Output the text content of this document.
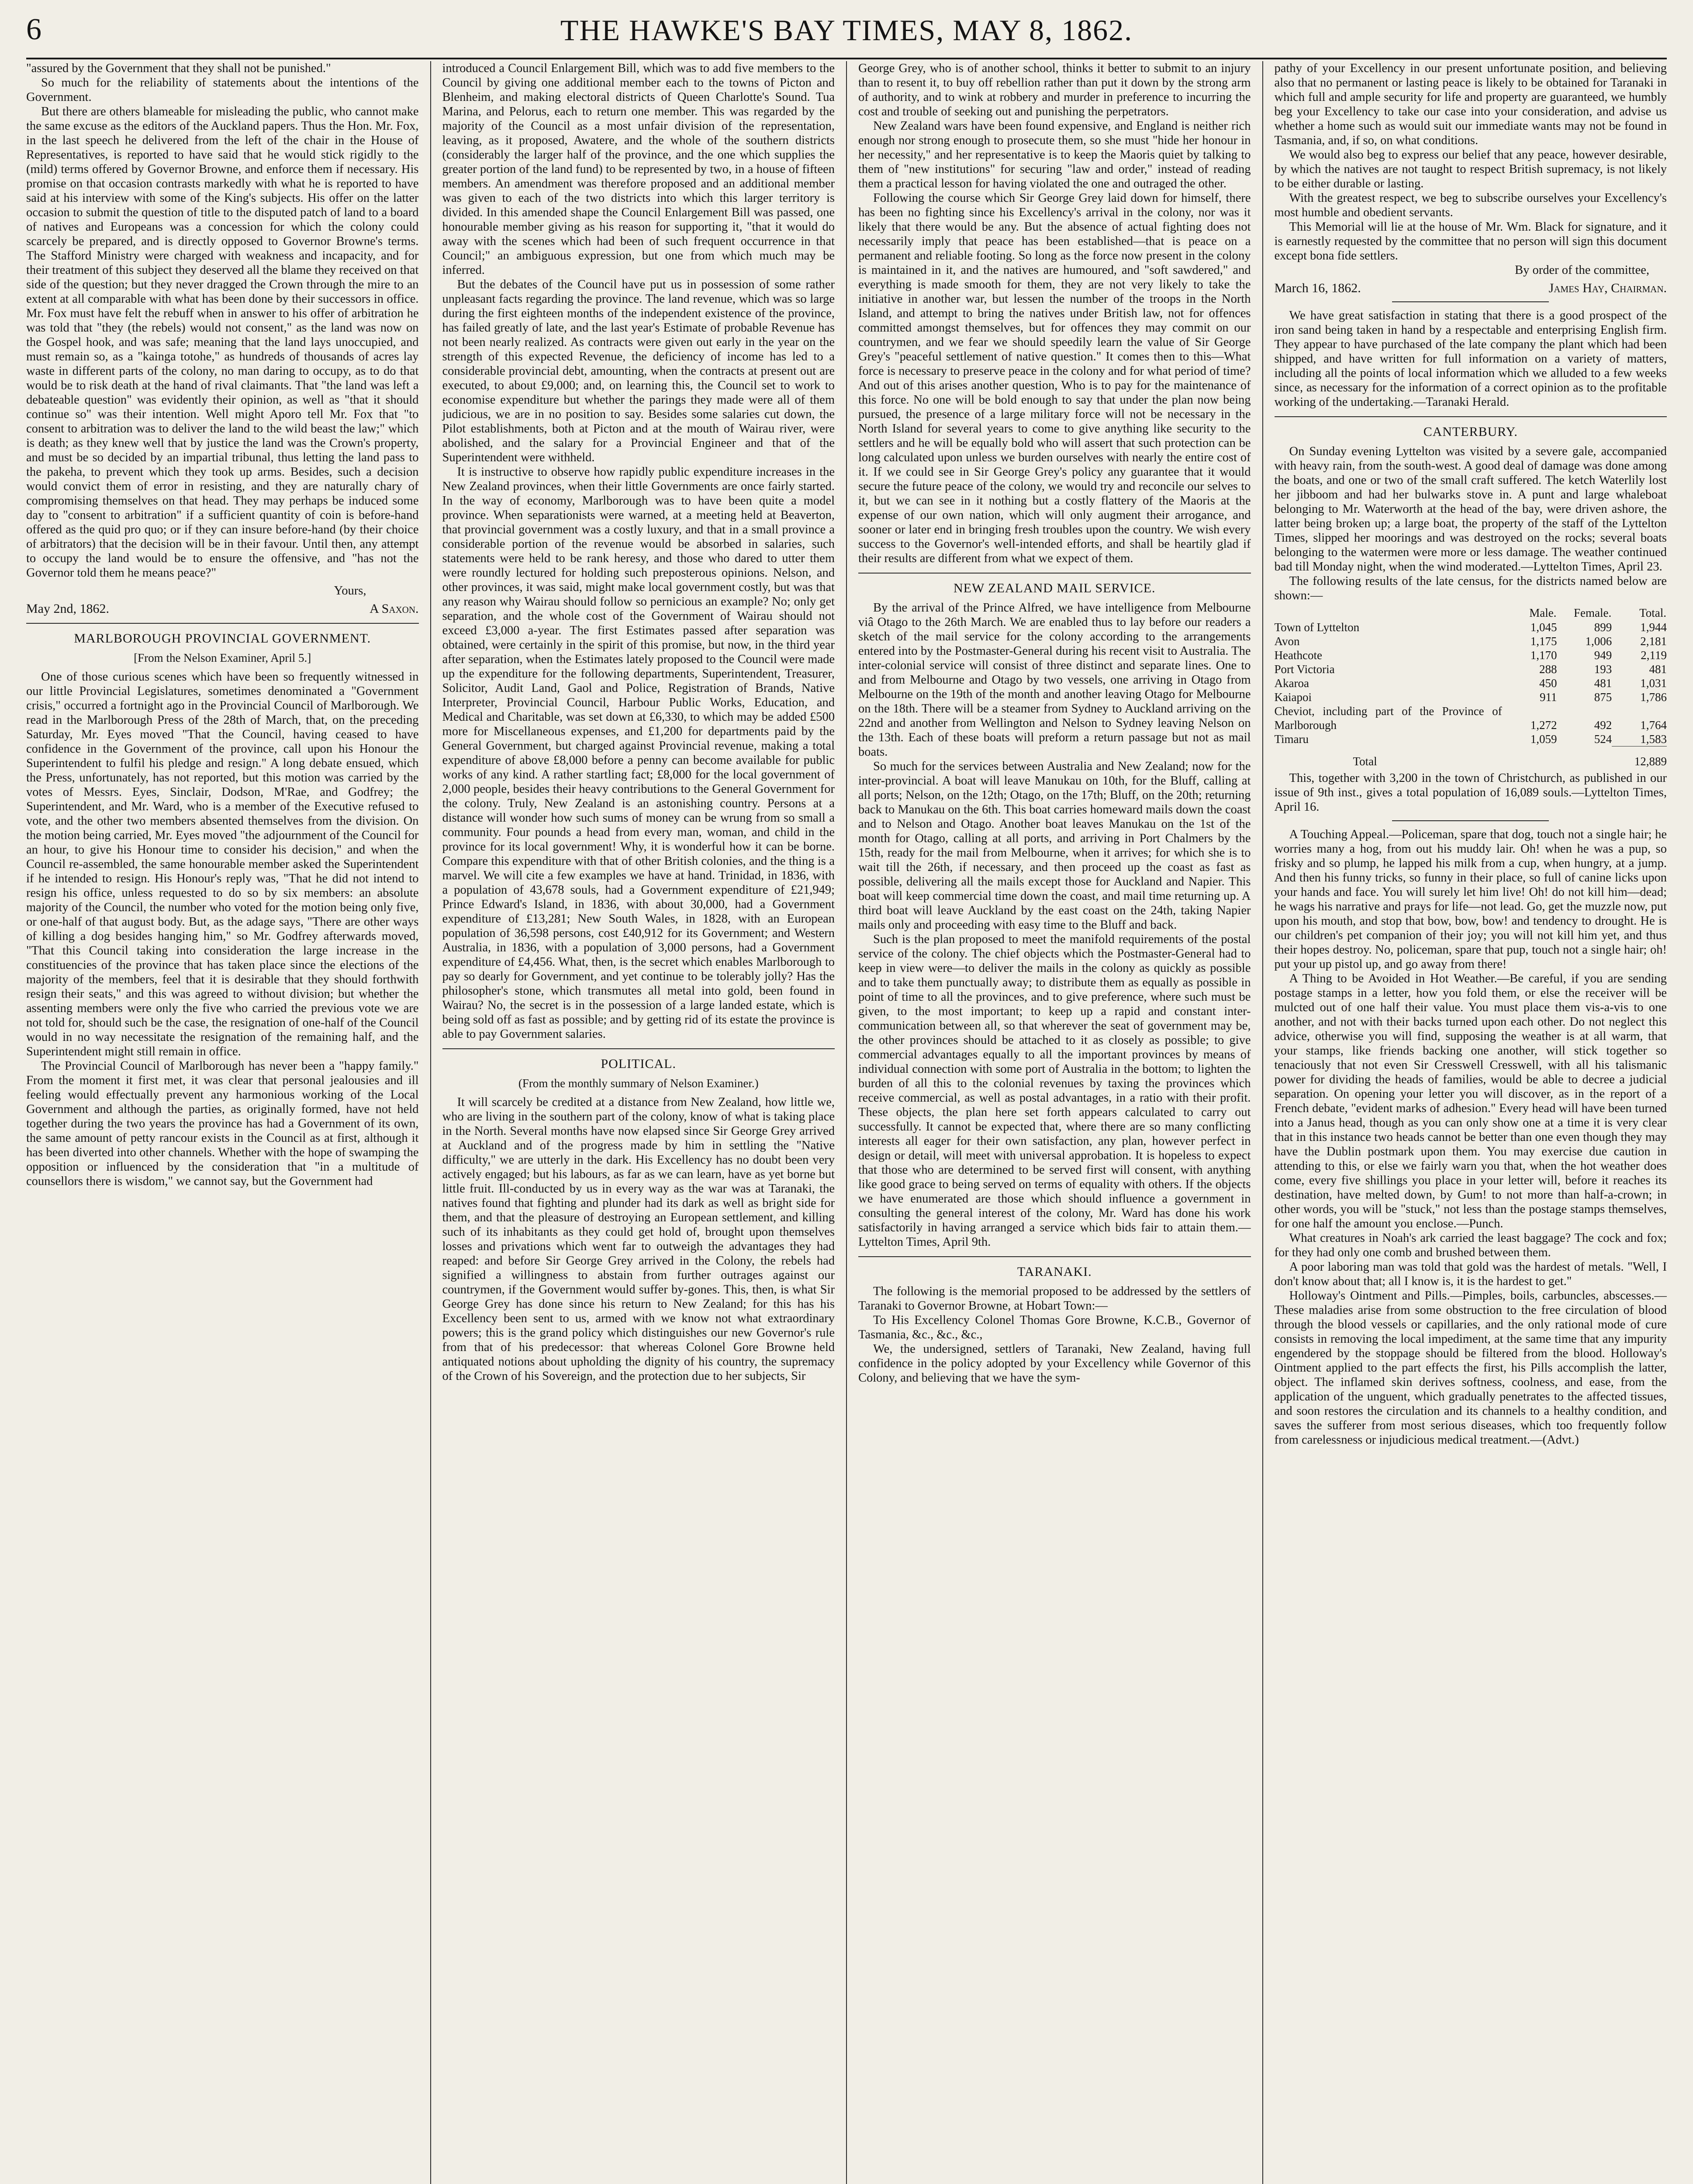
6	THE HAWKE'S BAY TIMES, MAY 8, 1862.

"assured by the Government that they shall not be punished."

So much for the reliability of statements about the intentions of the Government.

But there are others blameable for misleading the public, who cannot make the same excuse as the editors of the Auckland papers. Thus the Hon. Mr. Fox, in the last speech he delivered from the left of the chair in the House of Representatives, is reported to have said that he would stick rigidly to the (mild) terms offered by Governor Browne, and enforce them if necessary. His promise on that occasion contrasts markedly with what he is reported to have said at his interview with some of the King's subjects. His offer on the latter occasion to submit the question of title to the disputed patch of land to a board of natives and Europeans was a concession for which the colony could scarcely be prepared, and is directly opposed to Governor Browne's terms. The Stafford Ministry were charged with weakness and incapacity, and for their treatment of this subject they deserved all the blame they received on that side of the question; but they never dragged the Crown through the mire to an extent at all comparable with what has been done by their successors in office. Mr. Fox must have felt the rebuff when in answer to his offer of arbitration he was told that "they (the rebels) would not consent," as the land was now on the Gospel hook, and was safe; meaning that the land lays unoccupied, and must remain so, as a "kainga totohe," as hundreds of thousands of acres lay waste in different parts of the colony, no man daring to occupy, as to do that would be to risk death at the hand of rival claimants. That "the land was left a debateable question" was evidently their opinion, as well as "that it should continue so" was their intention. Well might Aporo tell Mr. Fox that "to consent to arbitration was to deliver the land to the wild beast the law;" which is death; as they knew well that by justice the land was the Crown's property, and must be so decided by an impartial tribunal, thus letting the land pass to the pakeha, to prevent which they took up arms. Besides, such a decision would convict them of error in resisting, and they are naturally chary of compromising themselves on that head. They may perhaps be induced some day to "consent to arbitration" if a sufficient quantity of coin is before-hand offered as the quid pro quo; or if they can insure before-hand (by their choice of arbitrators) that the decision will be in their favour. Until then, any attempt to occupy the land would be to ensure the offensive, and "has not the Governor told them he means peace?"

Yours,
May 2nd, 1862.	A Saxon.
MARLBOROUGH PROVINCIAL GOVERNMENT.

[From the Nelson Examiner, April 5.]

One of those curious scenes which have been so frequently witnessed in our little Provincial Legislatures, sometimes denominated a "Government crisis," occurred a fortnight ago in the Provincial Council of Marlborough. We read in the Marlborough Press of the 28th of March, that, on the preceding Saturday, Mr. Eyes moved "That the Council, having ceased to have confidence in the Government of the province, call upon his Honour the Superintendent to fulfil his pledge and resign." A long debate ensued, which the Press, unfortunately, has not reported, but this motion was carried by the votes of Messrs. Eyes, Sinclair, Dodson, M'Rae, and Godfrey; the Superintendent, and Mr. Ward, who is a member of the Executive refused to vote, and the other two members absented themselves from the division. On the motion being carried, Mr. Eyes moved "the adjournment of the Council for an hour, to give his Honour time to consider his decision," and when the Council re-assembled, the same honourable member asked the Superintendent if he intended to resign. His Honour's reply was, "That he did not intend to resign his office, unless requested to do so by six members: an absolute majority of the Council, the number who voted for the motion being only five, or one-half of that august body. But, as the adage says, "There are other ways of killing a dog besides hanging him," so Mr. Godfrey afterwards moved, "That this Council taking into consideration the large increase in the constituencies of the province that has taken place since the elections of the majority of the members, feel that it is desirable that they should forthwith resign their seats," and this was agreed to without division; but whether the assenting members were only the five who carried the previous vote we are not told for, should such be the case, the resignation of one-half of the Council would in no way necessitate the resignation of the remaining half, and the Superintendent might still remain in office.

The Provincial Council of Marlborough has never been a "happy family." From the moment it first met, it was clear that personal jealousies and ill feeling would effectually prevent any harmonious working of the Local Government and although the parties, as originally formed, have not held together during the two years the province has had a Government of its own, the same amount of petty rancour exists in the Council as at first, although it has been diverted into other channels. Whether with the hope of swamping the opposition or influenced by the consideration that "in a multitude of counsellors there is wisdom," we cannot say, but the Government had

introduced a Council Enlargement Bill, which was to add five members to the Council by giving one additional member each to the towns of Picton and Blenheim, and making electoral districts of Queen Charlotte's Sound. Tua Marina, and Pelorus, each to return one member. This was regarded by the majority of the Council as a most unfair division of the representation, leaving, as it proposed, Awatere, and the whole of the southern districts (considerably the larger half of the province, and the one which supplies the greater portion of the land fund) to be represented by two, in a house of fifteen members. An amendment was therefore proposed and an additional member was given to each of the two districts into which this larger territory is divided. In this amended shape the Council Enlargement Bill was passed, one honourable member giving as his reason for supporting it, "that it would do away with the scenes which had been of such frequent occurrence in that Council;" an ambiguous expression, but one from which much may be inferred.

But the debates of the Council have put us in possession of some rather unpleasant facts regarding the province. The land revenue, which was so large during the first eighteen months of the independent existence of the province, has failed greatly of late, and the last year's Estimate of probable Revenue has not been nearly realized. As contracts were given out early in the year on the strength of this expected Revenue, the deficiency of income has led to a considerable provincial debt, amounting, when the contracts at present out are executed, to about £9,000; and, on learning this, the Council set to work to economise expenditure but whether the parings they made were all of them judicious, we are in no position to say. Besides some salaries cut down, the Pilot establishments, both at Picton and at the mouth of Wairau river, were abolished, and the salary for a Provincial Engineer and that of the Superintendent were withheld.

It is instructive to observe how rapidly public expenditure increases in the New Zealand provinces, when their little Governments are once fairly started. In the way of economy, Marlborough was to have been quite a model province. When separationists were warned, at a meeting held at Beaverton, that provincial government was a costly luxury, and that in a small province a considerable portion of the revenue would be absorbed in salaries, such statements were held to be rank heresy, and those who dared to utter them were roundly lectured for holding such preposterous opinions. Nelson, and other provinces, it was said, might make local government costly, but was that any reason why Wairau should follow so pernicious an example? No; only get separation, and the whole cost of the Government of Wairau should not exceed £3,000 a-year. The first Estimates passed after separation was obtained, were certainly in the spirit of this promise, but now, in the third year after separation, when the Estimates lately proposed to the Council were made up the expenditure for the following departments, Superintendent, Treasurer, Solicitor, Audit Land, Gaol and Police, Registration of Brands, Native Interpreter, Provincial Council, Harbour Public Works, Education, and Medical and Charitable, was set down at £6,330, to which may be added £500 more for Miscellaneous expenses, and £1,200 for departments paid by the General Government, but charged against Provincial revenue, making a total expenditure of above £8,000 before a penny can become available for public works of any kind. A rather startling fact; £8,000 for the local government of 2,000 people, besides their heavy contributions to the General Government for the colony. Truly, New Zealand is an astonishing country. Persons at a distance will wonder how such sums of money can be wrung from so small a community. Four pounds a head from every man, woman, and child in the province for its local government! Why, it is wonderful how it can be borne. Compare this expenditure with that of other British colonies, and the thing is a marvel. We will cite a few examples we have at hand. Trinidad, in 1836, with a population of 43,678 souls, had a Government expenditure of £21,949; Prince Edward's Island, in 1836, with about 30,000, had a Government expenditure of £13,281; New South Wales, in 1828, with an European population of 36,598 persons, cost £40,912 for its Government; and Western Australia, in 1836, with a population of 3,000 persons, had a Government expenditure of £4,456. What, then, is the secret which enables Marlborough to pay so dearly for Government, and yet continue to be tolerably jolly? Has the philosopher's stone, which transmutes all metal into gold, been found in Wairau? No, the secret is in the possession of a large landed estate, which is being sold off as fast as possible; and by getting rid of its estate the province is able to pay Government salaries.

POLITICAL.

(From the monthly summary of Nelson Examiner.)

It will scarcely be credited at a distance from New Zealand, how little we, who are living in the southern part of the colony, know of what is taking place in the North. Several months have now elapsed since Sir George Grey arrived at Auckland and of the progress made by him in settling the "Native difficulty," we are utterly in the dark. His Excellency has no doubt been very actively engaged; but his labours, as far as we can learn, have as yet borne but little fruit. Ill-conducted by us in every way as the war was at Taranaki, the natives found that fighting and plunder had its dark as well as bright side for them, and that the pleasure of destroying an European settlement, and killing such of its inhabitants as they could get hold of, brought upon themselves losses and privations which went far to outweigh the advantages they had reaped: and before Sir George Grey arrived in the Colony, the rebels had signified a willingness to abstain from further outrages against our countrymen, if the Government would suffer by-gones. This, then, is what Sir George Grey has done since his return to New Zealand; for this has his Excellency been sent to us, armed with we know not what extraordinary powers; this is the grand policy which distinguishes our new Governor's rule from that of his predecessor: that whereas Colonel Gore Browne held antiquated notions about upholding the dignity of his country, the supremacy of the Crown of his Sovereign, and the protection due to her subjects, Sir

George Grey, who is of another school, thinks it better to submit to an injury than to resent it, to buy off rebellion rather than put it down by the strong arm of authority, and to wink at robbery and murder in preference to incurring the cost and trouble of seeking out and punishing the perpetrators.

New Zealand wars have been found expensive, and England is neither rich enough nor strong enough to prosecute them, so she must "hide her honour in her necessity," and her representative is to keep the Maoris quiet by talking to them of "new institutions" for securing "law and order," instead of reading them a practical lesson for having violated the one and outraged the other.

Following the course which Sir George Grey laid down for himself, there has been no fighting since his Excellency's arrival in the colony, nor was it likely that there would be any. But the absence of actual fighting does not necessarily imply that peace has been established—that is peace on a permanent and reliable footing. So long as the force now present in the colony is maintained in it, and the natives are humoured, and "soft sawdered," and everything is made smooth for them, they are not very likely to take the initiative in another war, but lessen the number of the troops in the North Island, and attempt to bring the natives under British law, not for offences committed amongst themselves, but for offences they may commit on our countrymen, and we fear we should speedily learn the value of Sir George Grey's "peaceful settlement of native question." It comes then to this—What force is necessary to preserve peace in the colony and for what period of time? And out of this arises another question, Who is to pay for the maintenance of this force. No one will be bold enough to say that under the plan now being pursued, the presence of a large military force will not be necessary in the North Island for several years to come to give anything like security to the settlers and he will be equally bold who will assert that such protection can be long calculated upon unless we burden ourselves with nearly the entire cost of it. If we could see in Sir George Grey's policy any guarantee that it would secure the future peace of the colony, we would try and reconcile our selves to it, but we can see in it nothing but a costly flattery of the Maoris at the expense of our own nation, which will only augment their arrogance, and sooner or later end in bringing fresh troubles upon the country. We wish every success to the Governor's well-intended efforts, and shall be heartily glad if their results are different from what we expect of them.

NEW ZEALAND MAIL SERVICE.

By the arrival of the Prince Alfred, we have intelligence from Melbourne viâ Otago to the 26th March. We are enabled thus to lay before our readers a sketch of the mail service for the colony according to the arrangements entered into by the Postmaster-General during his recent visit to Australia. The inter-colonial service will consist of three distinct and separate lines. One to and from Melbourne and Otago by two vessels, one arriving in Otago from Melbourne on the 19th of the month and another leaving Otago for Melbourne on the 18th. There will be a steamer from Sydney to Auckland arriving on the 22nd and another from Wellington and Nelson to Sydney leaving Nelson on the 13th. Each of these boats will preform a return passage but not as mail boats.

So much for the services between Australia and New Zealand; now for the inter-provincial. A boat will leave Manukau on 10th, for the Bluff, calling at all ports; Nelson, on the 12th; Otago, on the 17th; Bluff, on the 20th; returning back to Manukau on the 6th. This boat carries homeward mails down the coast and to Nelson and Otago. Another boat leaves Manukau on the 1st of the month for Otago, calling at all ports, and arriving in Port Chalmers by the 15th, ready for the mail from Melbourne, when it arrives; for which she is to wait till the 26th, if necessary, and then proceed up the coast as fast as possible, delivering all the mails except those for Auckland and Napier. This boat will keep commercial time down the coast, and mail time returning up. A third boat will leave Auckland by the east coast on the 24th, taking Napier mails only and proceeding with easy time to the Bluff and back.

Such is the plan proposed to meet the manifold requirements of the postal service of the colony. The chief objects which the Postmaster-General had to keep in view were—to deliver the mails in the colony as quickly as possible and to take them punctually away; to distribute them as equally as possible in point of time to all the provinces, and to give preference, where such must be given, to the most important; to keep up a rapid and constant inter-communication between all, so that wherever the seat of government may be, the other provinces should be attached to it as closely as possible; to give commercial advantages equally to all the important provinces by means of individual connection with some port of Australia in the bottom; to lighten the burden of all this to the colonial revenues by taxing the provinces which receive commercial, as well as postal advantages, in a ratio with their profit. These objects, the plan here set forth appears calculated to carry out successfully. It cannot be expected that, where there are so many conflicting interests all eager for their own satisfaction, any plan, however perfect in design or detail, will meet with universal approbation. It is hopeless to expect that those who are determined to be served first will consent, with anything like good grace to being served on terms of equality with others. If the objects we have enumerated are those which should influence a government in consulting the general interest of the colony, Mr. Ward has done his work satisfactorily in having arranged a service which bids fair to attain them.—Lyttelton Times, April 9th.

TARANAKI.

The following is the memorial proposed to be addressed by the settlers of Taranaki to Governor Browne, at Hobart Town:—

To His Excellency Colonel Thomas Gore Browne, K.C.B., Governor of Tasmania, &c., &c., &c.,

We, the undersigned, settlers of Taranaki, New Zealand, having full confidence in the policy adopted by your Excellency while Governor of this Colony, and believing that we have the sym-

pathy of your Excellency in our present unfortunate position, and believing also that no permanent or lasting peace is likely to be obtained for Taranaki in which full and ample security for life and property are guaranteed, we humbly beg your Excellency to take our case into your consideration, and advise us whether a home such as would suit our immediate wants may not be found in Tasmania, and, if so, on what conditions.

We would also beg to express our belief that any peace, however desirable, by which the natives are not taught to respect British supremacy, is not likely to be either durable or lasting.

With the greatest respect, we beg to subscribe ourselves your Excellency's most humble and obedient servants.

This Memorial will lie at the house of Mr. Wm. Black for signature, and it is earnestly requested by the committee that no person will sign this document except bona fide settlers.

By order of the committee,

March 16, 1862.	James Hay, Chairman.

We have great satisfaction in stating that there is a good prospect of the iron sand being taken in hand by a respectable and enterprising English firm. They appear to have purchased of the late company the plant which had been shipped, and have written for full information on a variety of matters, including all the points of local information which we alluded to a few weeks since, as necessary for the information of a correct opinion as to the profitable working of the undertaking.—Taranaki Herald.

CANTERBURY.

On Sunday evening Lyttelton was visited by a severe gale, accompanied with heavy rain, from the south-west. A good deal of damage was done among the boats, and one or two of the small craft suffered. The ketch Waterlily lost her jibboom and had her bulwarks stove in. A punt and large whaleboat belonging to Mr. Waterworth at the head of the bay, were driven ashore, the latter being broken up; a large boat, the property of the staff of the Lyttelton Times, slipped her moorings and was destroyed on the rocks; several boats belonging to the watermen were more or less damage. The weather continued bad till Monday night, when the wind moderated.—Lyttelton Times, April 23.

The following results of the late census, for the districts named below are shown:—

	Male.	Female.	Total.
Town of Lyttelton	1,045	899	1,944
Avon	1,175	1,006	2,181
Heathcote	1,170	949	2,119
Port Victoria	288	193	481
Akaroa	450	481	1,031
Kaiapoi	911	875	1,786
Cheviot, including part of the Province of Marlborough	1,272	492	1,764
Timaru	1,059	524	1,583
Total			12,889

This, together with 3,200 in the town of Christchurch, as published in our issue of 9th inst., gives a total population of 16,089 souls.—Lyttelton Times, April 16.

A Touching Appeal.—Policeman, spare that dog, touch not a single hair; he worries many a hog, from out his muddy lair. Oh! when he was a pup, so frisky and so plump, he lapped his milk from a cup, when hungry, at a jump. And then his funny tricks, so funny in their place, so full of canine licks upon your hands and face. You will surely let him live! Oh! do not kill him—dead; he wags his narrative and prays for life—not lead. Go, get the muzzle now, put upon his mouth, and stop that bow, bow, bow! and tendency to drought. He is our children's pet companion of their joy; you will not kill him yet, and thus their hopes destroy. No, policeman, spare that pup, touch not a single hair; oh! put your up pistol up, and go away from there!

A Thing to be Avoided in Hot Weather.—Be careful, if you are sending postage stamps in a letter, how you fold them, or else the receiver will be mulcted out of one half their value. You must place them vis-a-vis to one another, and not with their backs turned upon each other. Do not neglect this advice, otherwise you will find, supposing the weather is at all warm, that your stamps, like friends backing one another, will stick together so tenaciously that not even Sir Cresswell Cresswell, with all his talismanic power for dividing the heads of families, would be able to decree a judicial separation. On opening your letter you will discover, as in the report of a French debate, "evident marks of adhesion." Every head will have been turned into a Janus head, though as you can only show one at a time it is very clear that in this instance two heads cannot be better than one even though they may have the Dublin postmark upon them. You may exercise due caution in attending to this, or else we fairly warn you that, when the hot weather does come, every five shillings you place in your letter will, before it reaches its destination, have melted down, by Gum! to not more than half-a-crown; in other words, you will be "stuck," not less than the postage stamps themselves, for one half the amount you enclose.—Punch.

What creatures in Noah's ark carried the least baggage? The cock and fox; for they had only one comb and brushed between them.

A poor laboring man was told that gold was the hardest of metals. "Well, I don't know about that; all I know is, it is the hardest to get."

Holloway's Ointment and Pills.—Pimples, boils, carbuncles, abscesses.—These maladies arise from some obstruction to the free circulation of blood through the blood vessels or capillaries, and the only rational mode of cure consists in removing the local impediment, at the same time that any impurity engendered by the stoppage should be filtered from the blood. Holloway's Ointment applied to the part effects the first, his Pills accomplish the latter, object. The inflamed skin derives softness, coolness, and ease, from the application of the unguent, which gradually penetrates to the affected tissues, and soon restores the circulation and its channels to a healthy condition, and saves the sufferer from most serious diseases, which too frequently follow from carelessness or injudicious medical treatment.—(Advt.)
